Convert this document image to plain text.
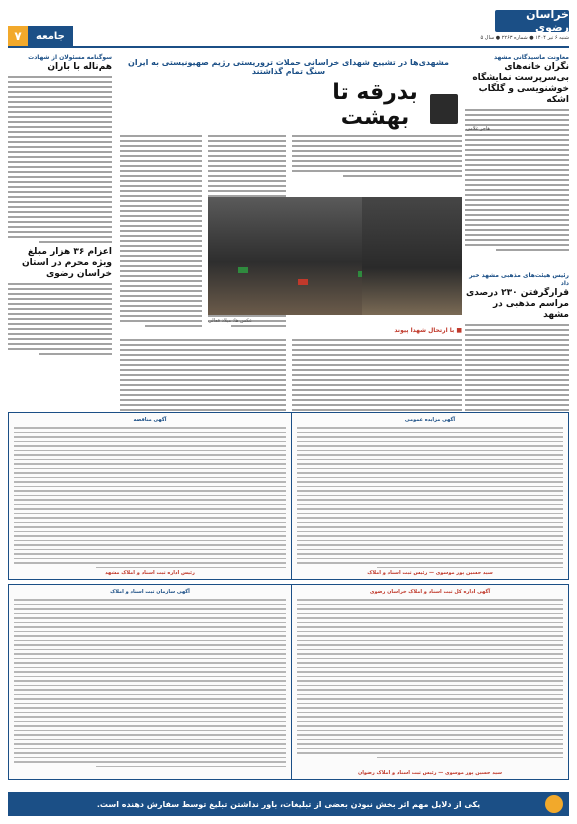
خراسان رضوی
شنبه ۶ تیر ۱۴۰۴ ● شماره ۲۲۶۳ ● سال ۵
جامعه
۷
معاونت ماسیدگانی مشهد
نگران خانه‌های بی‌سرپرست نمایشگاه خوشنویسی و گلگاب اشکه
رئیس هیئت‌های مذهبی مشهد خبر داد
قرارگرفتن ۲۳۰ درصدی مراسم مذهبی در مشهد
سوگنامه مسئولان از شهادت
هم‌ناله با باران
اعزام ۳۶ هزار مبلغ ویژه محرم در استان خراسان رضوی
مشهدی‌ها در تشییع شهدای خراسانی حملات تروریستی رژیم صهیونیستی به ایران سنگ تمام گذاشتند
بدرقه تا بهشت	هاجر غلامی
عکس ها: میلاد فعالی
■ با ارتحال شهدا پیوند
آگهی مزایده عمومی
سید حسین پور موسوی — رئیس ثبت اسناد و املاک
آگهی مناقصه
رئیس اداره ثبت اسناد و املاک مشهد
آگهی سازمان ثبت اسناد و املاک	آگهی اداره کل ثبت اسناد و املاک خراسان رضوی
سید حسین پور موسوی — رئیس ثبت اسناد و املاک رضوان
یکی از دلایل مهم اثر بخش نبودن بعضی از تبلیغات، باور نداشتن تبلیغ توسط سفارش دهنده است.
